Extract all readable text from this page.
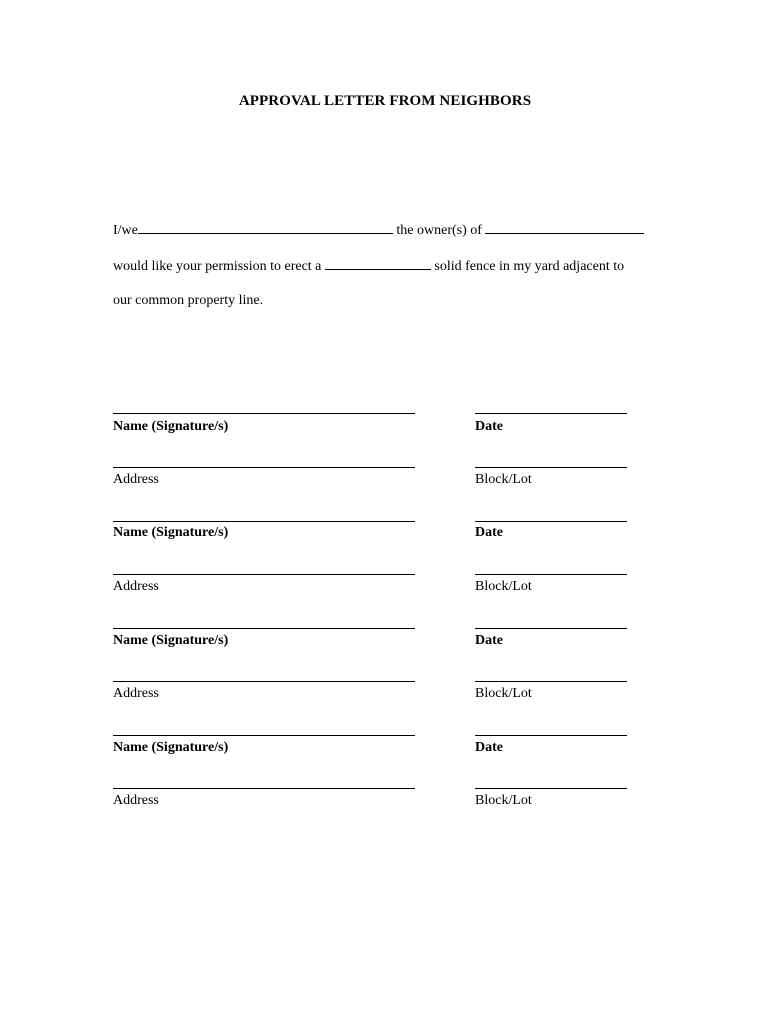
APPROVAL LETTER FROM NEIGHBORS
I/we	the owner(s) of
would like your permission to erect a	solid fence in my yard adjacent to
our common property line.
Name (Signature/s)	Date
Address	Block/Lot
Name (Signature/s)	Date
Address	Block/Lot
Name (Signature/s)	Date
Address	Block/Lot
Name (Signature/s)	Date
Address	Block/Lot
